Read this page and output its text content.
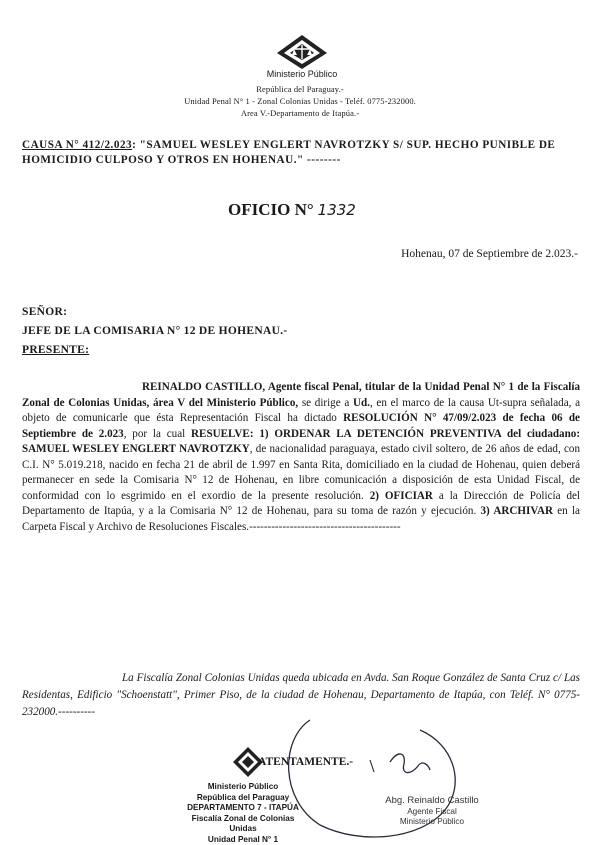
Ministerio Público
República del Paraguay.-
Unidad Penal N° 1 - Zonal Colonias Unidas - Teléf. 0775-232000.
Area V.-Departamento de Itapúa.-
CAUSA N° 412/2.023: "SAMUEL WESLEY ENGLERT NAVROTZKY S/ SUP. HECHO PUNIBLE DE HOMICIDIO CULPOSO Y OTROS EN HOHENAU." --------
OFICIO N° 1332
Hohenau, 07 de Septiembre de 2.023.-
SEÑOR:
JEFE DE LA COMISARIA N° 12 DE HOHENAU.-
PRESENTE:

REINALDO CASTILLO, Agente fiscal Penal, titular de la Unidad Penal N° 1 de la Fiscalía Zonal de Colonias Unidas, área V del Ministerio Público, se dirige a Ud., en el marco de la causa Ut-supra señalada, a objeto de comunicarle que ésta Representación Fiscal ha dictado RESOLUCIÓN N° 47/09/2.023 de fecha 06 de Septiembre de 2.023, por la cual RESUELVE: 1) ORDENAR LA DETENCIÓN PREVENTIVA del ciudadano: SAMUEL WESLEY ENGLERT NAVROTZKY, de nacionalidad paraguaya, estado civil soltero, de 26 años de edad, con C.I. N° 5.019.218, nacido en fecha 21 de abril de 1.997 en Santa Rita, domiciliado en la ciudad de Hohenau, quien deberá permanecer en sede la Comisaria N° 12 de Hohenau, en libre comunicación a disposición de esta Unidad Fiscal, de conformidad con lo esgrimido en el exordio de la presente resolución. 2) OFICIAR a la Dirección de Policía del Departamento de Itapúa, y a la Comisaria N° 12 de Hohenau, para su toma de razón y ejecución. 3) ARCHIVAR en la Carpeta Fiscal y Archivo de Resoluciones Fiscales.-----------------------------------------

La Fiscalía Zonal Colonias Unidas queda ubicada en Avda. San Roque González de Santa Cruz c/ Las Residentas, Edificio "Schoenstatt", Primer Piso, de la ciudad de Hohenau, Departamento de Itapúa, con Teléf. N° 0775-232000.----------

ATENTAMENTE.-
Ministerio Público
República del Paraguay
DEPARTAMENTO 7 - ITAPÚA
Fiscalía Zonal de Colonias Unidas
Unidad Penal N° 1
Abg. Reinaldo Castillo
Agente Fiscal
Ministerio Público
